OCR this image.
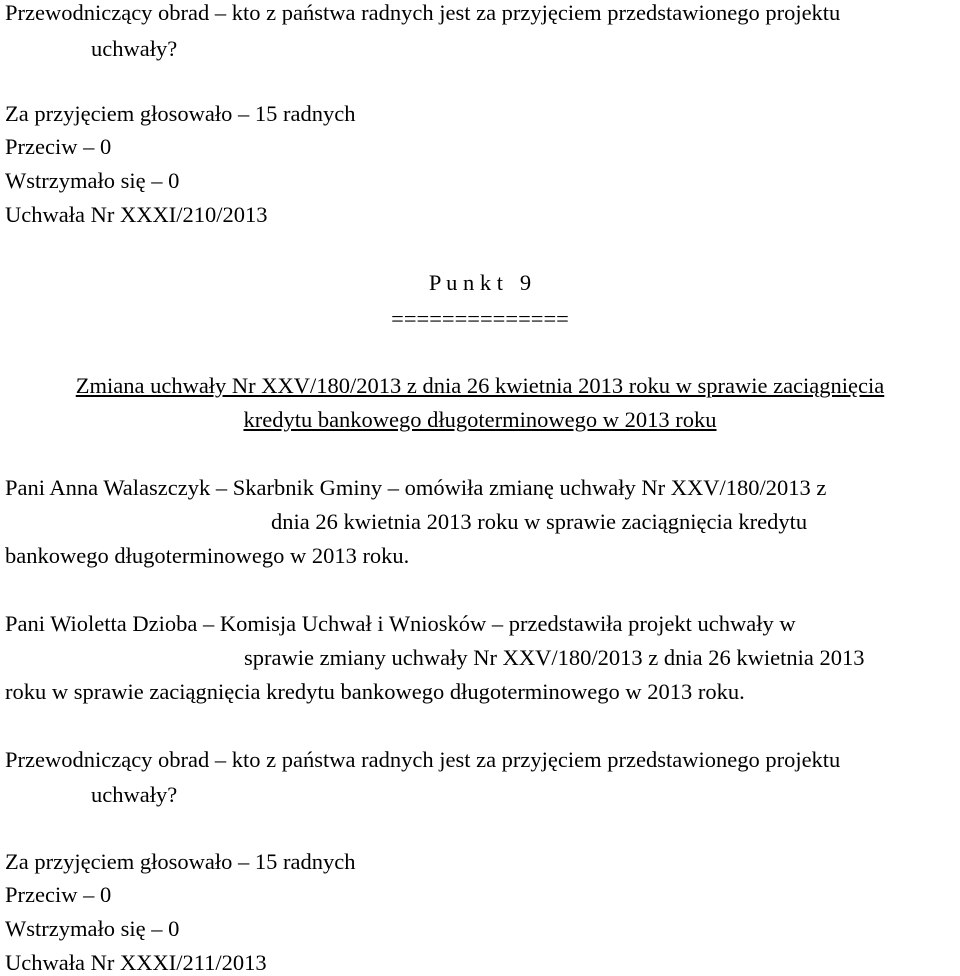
Przewodniczący obrad – kto z państwa radnych jest za przyjęciem przedstawionego projektu
uchwały?
Za przyjęciem głosowało – 15 radnych
Przeciw – 0
Wstrzymało się – 0
Uchwała Nr XXXI/210/2013
P u n k t   9
==============
Zmiana uchwały Nr XXV/180/2013 z dnia 26 kwietnia 2013 roku w sprawie zaciągnięcia
kredytu bankowego długoterminowego w 2013 roku
Pani Anna Walaszczyk – Skarbnik Gminy – omówiła zmianę uchwały Nr XXV/180/2013 z
dnia 26 kwietnia 2013 roku w sprawie zaciągnięcia kredytu
bankowego długoterminowego w 2013 roku.
Pani Wioletta Dzioba – Komisja Uchwał i Wniosków – przedstawiła projekt uchwały w
sprawie zmiany uchwały Nr XXV/180/2013 z dnia 26 kwietnia 2013
roku w sprawie zaciągnięcia kredytu bankowego długoterminowego w 2013 roku.
Przewodniczący obrad – kto z państwa radnych jest za przyjęciem przedstawionego projektu
uchwały?
Za przyjęciem głosowało – 15 radnych
Przeciw – 0
Wstrzymało się – 0
Uchwała Nr XXXI/211/2013
